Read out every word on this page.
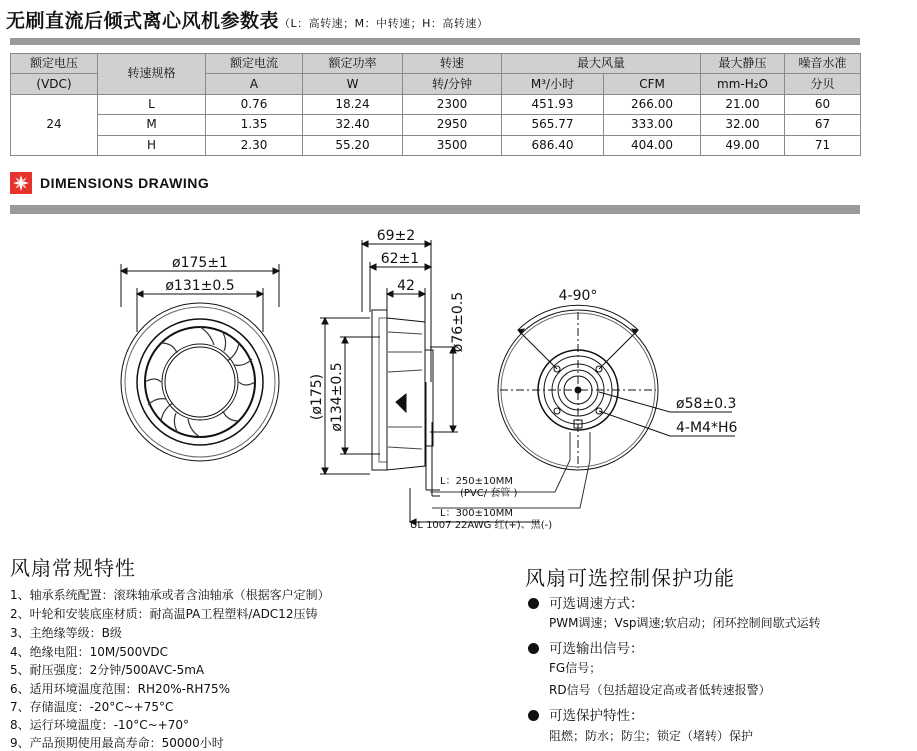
无刷直流后倾式离心风机参数表（L：高转速；M：中转速；H：高转速）
额定电压	转速规格	额定电流	额定功率	转速	最大风量		最大静压	噪音水准
(VDC)		A	W	转/分钟	M³/小时	CFM	mm-H₂O	分贝
24	L	0.76	18.24	2300	451.93	266.00	21.00	60
	M	1.35	32.40	2950	565.77	333.00	32.00	67
	H	2.30	55.20	3500	686.40	404.00	49.00	71
DIMENSIONS DRAWING
ø175±1
ø131±0.5
69±2
62±1
42
ø76±0.5
(ø175) ø134±0.5
L：250±10MM
(PVC/ 套管 )
L：300±10MM
UL 1007 22AWG 红(+)、黑(-)
4-90°
ø58±0.3
4-M4*H6
风扇常规特性
1、轴承系统配置：滚珠轴承或者含油轴承（根据客户定制）
2、叶轮和安装底座材质：耐高温PA工程塑料/ADC12压铸
3、主绝缘等级：B级
4、绝缘电阻：10M/500VDC
5、耐压强度：2分钟/500AVC-5mA
6、适用环境温度范围：RH20%-RH75%
7、存储温度：-20°C~+75°C
8、运行环境温度：-10°C~+70°
9、产品预期使用最高寿命：50000小时
风扇可选控制保护功能
可选调速方式：
PWM调速；Vsp调速;软启动；闭环控制间歇式运转
可选输出信号：
FG信号；
RD信号（包括超设定高或者低转速报警）
可选保护特性：
阻燃；防水；防尘；锁定（堵转）保护
